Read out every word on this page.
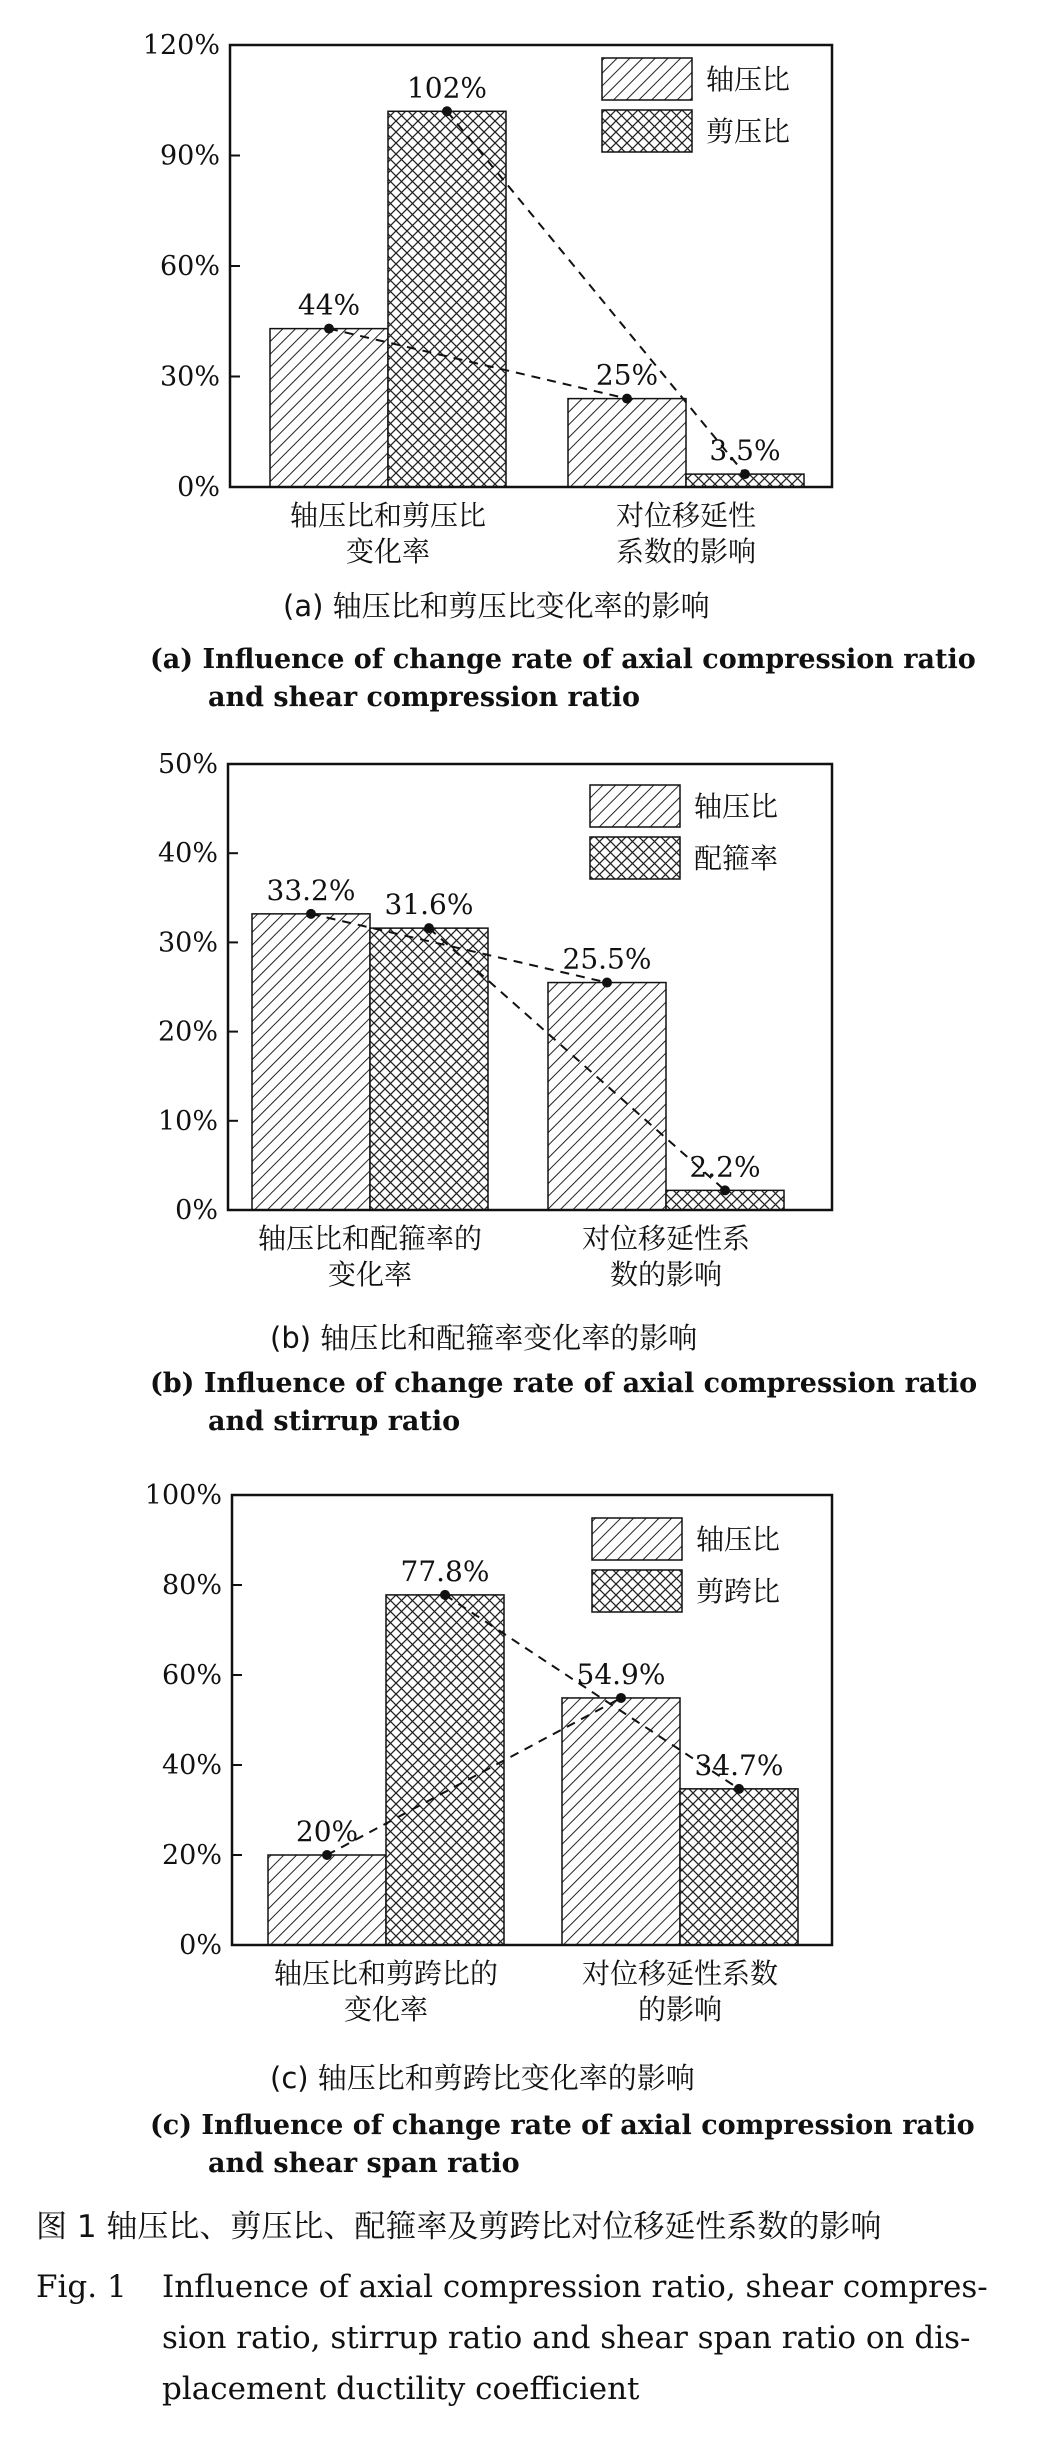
0%
30%
60%
90%
120%
44%
25%
102%
3.5%
轴压比和剪压比
变化率
对位移延性
系数的影响
轴压比
剪压比
(a) 轴压比和剪压比变化率的影响
(a) Influence of change rate of axial compression ratio
and shear compression ratio
0%
10%
20%
30%
40%
50%
33.2%
25.5%
31.6%
2.2%
轴压比和配箍率的
变化率
对位移延性系
数的影响
轴压比
配箍率
(b) 轴压比和配箍率变化率的影响
(b) Influence of change rate of axial compression ratio
and stirrup ratio
0%
20%
40%
60%
80%
100%
20%
54.9%
77.8%
34.7%
轴压比和剪跨比的
变化率
对位移延性系数
的影响
轴压比
剪跨比
(c) 轴压比和剪跨比变化率的影响
(c) Influence of change rate of axial compression ratio
and shear span ratio
图 1 轴压比、剪压比、配箍率及剪跨比对位移延性系数的影响
Fig. 1 Influence of axial compression ratio, shear compres-
sion ratio, stirrup ratio and shear span ratio on dis-
placement ductility coefficient
